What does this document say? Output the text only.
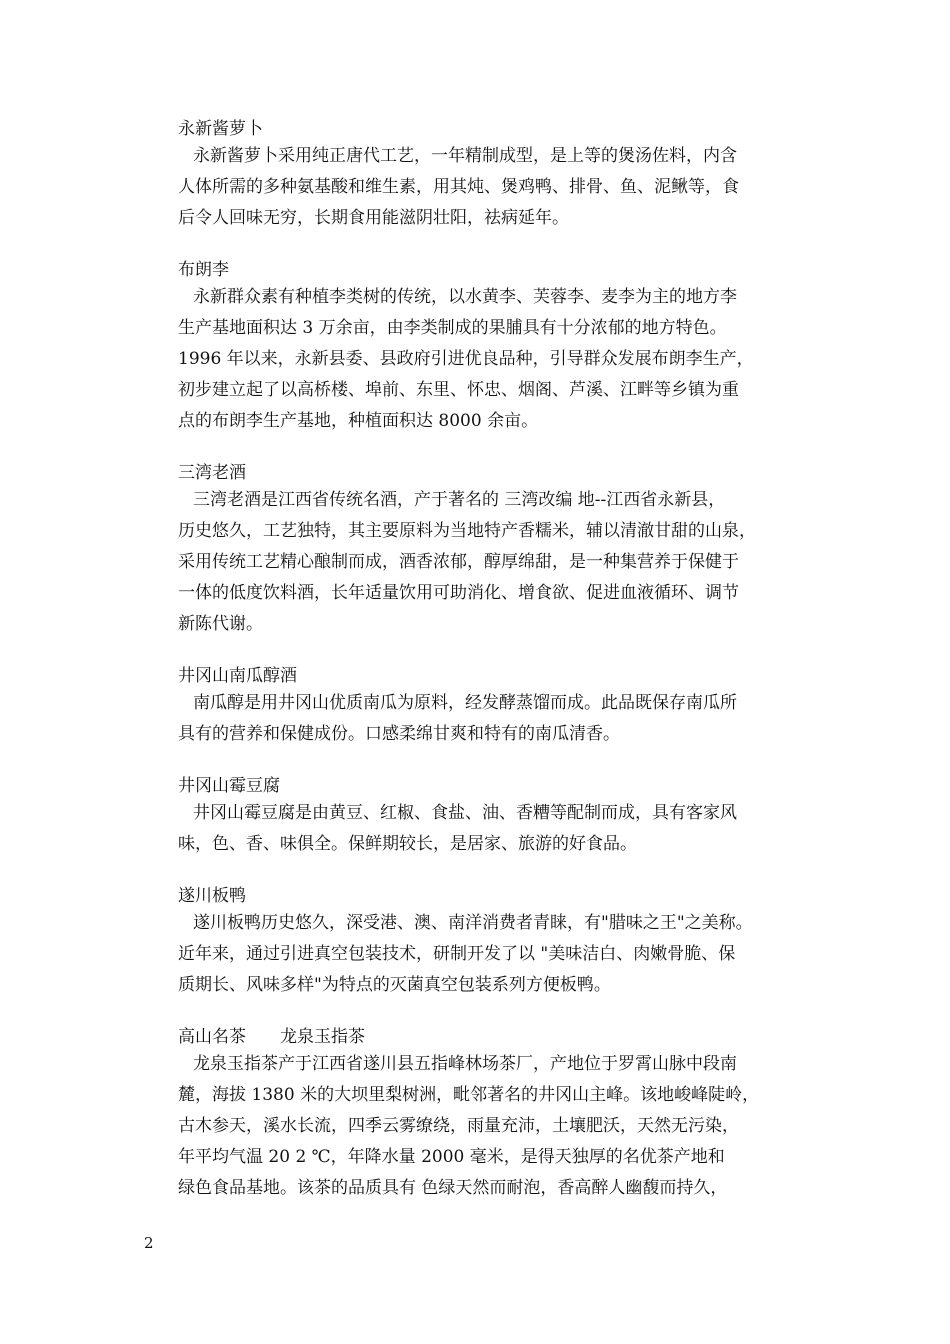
永新酱萝卜
永新酱萝卜采用纯正唐代工艺，一年精制成型，是上等的煲汤佐料，内含
人体所需的多种氨基酸和维生素，用其炖、煲鸡鸭、排骨、鱼、泥鳅等，食
后令人回味无穷，长期食用能滋阴壮阳，祛病延年。
布朗李
永新群众素有种植李类树的传统，以水黄李、芙蓉李、麦李为主的地方李
生产基地面积达 3 万余亩，由李类制成的果脯具有十分浓郁的地方特色。
1996 年以来，永新县委、县政府引进优良品种，引导群众发展布朗李生产，
初步建立起了以高桥楼、埠前、东里、怀忠、烟阁、芦溪、江畔等乡镇为重
点的布朗李生产基地，种植面积达 8000 余亩。
三湾老酒
三湾老酒是江西省传统名酒，产于著名的 三湾改编 地--江西省永新县，
历史悠久，工艺独特，其主要原料为当地特产香糯米，辅以清澈甘甜的山泉，
采用传统工艺精心酿制而成，酒香浓郁，醇厚绵甜，是一种集营养于保健于
一体的低度饮料酒，长年适量饮用可助消化、增食欲、促进血液循环、调节
新陈代谢。
井冈山南瓜醇酒
南瓜醇是用井冈山优质南瓜为原料，经发酵蒸馏而成。此品既保存南瓜所
具有的营养和保健成份。口感柔绵甘爽和特有的南瓜清香。
井冈山霉豆腐
井冈山霉豆腐是由黄豆、红椒、食盐、油、香糟等配制而成，具有客家风
味，色、香、味俱全。保鲜期较长，是居家、旅游的好食品。
遂川板鸭
遂川板鸭历史悠久，深受港、澳、南洋消费者青睐，有"腊味之王"之美称。
近年来，通过引进真空包装技术，研制开发了以 "美味洁白、肉嫩骨脆、保
质期长、风味多样"为特点的灭菌真空包装系列方便板鸭。
高山名茶 龙泉玉指茶
龙泉玉指茶产于江西省遂川县五指峰林场茶厂，产地位于罗霄山脉中段南
麓，海拔 1380 米的大坝里梨树洲，毗邻著名的井冈山主峰。该地峻峰陡岭，
古木参天，溪水长流，四季云雾缭绕，雨量充沛，土壤肥沃，天然无污染，
年平均气温 20 2 ℃，年降水量 2000 毫米，是得天独厚的名优茶产地和
绿色食品基地。该茶的品质具有 色绿天然而耐泡，香高醉人幽馥而持久，
2
